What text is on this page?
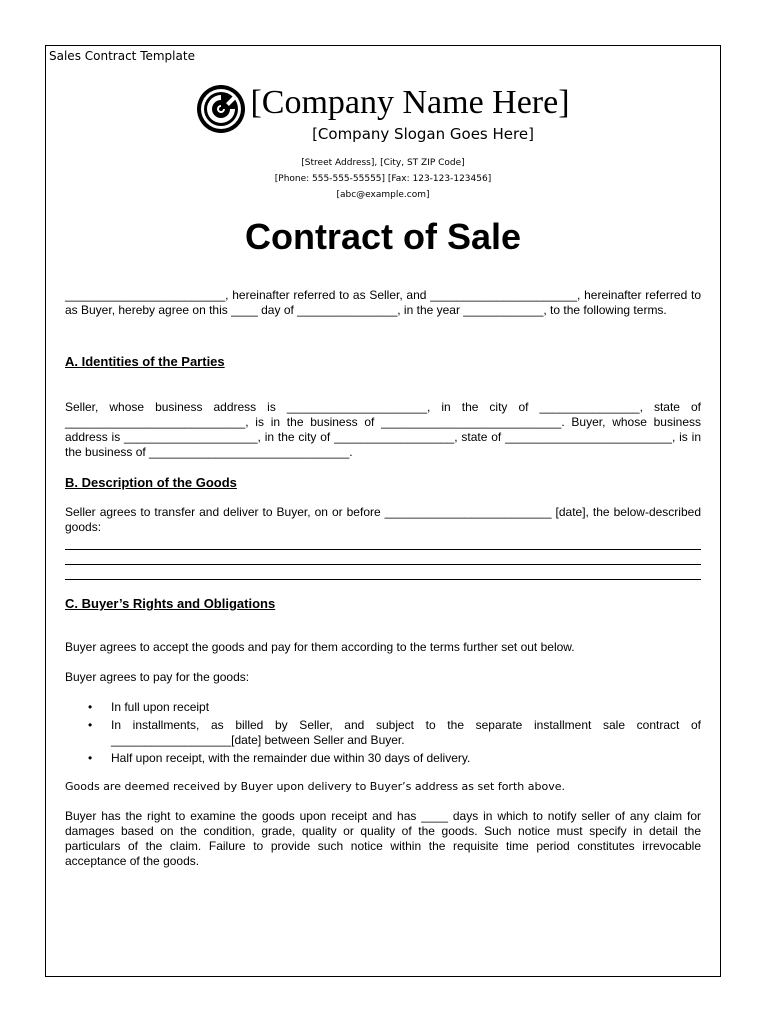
Sales Contract Template
[Company Name Here]
[Company Slogan Goes Here]
[Street Address], [City, ST ZIP Code]
[Phone: 555-555-55555] [Fax: 123-123-123456]
[abc@example.com]
Contract of Sale

________________________, hereinafter referred to as Seller, and ______________________, hereinafter referred to as Buyer, hereby agree on this ____ day of _______________, in the year ____________, to the following terms.

A. Identities of the Parties

Seller, whose business address is _____________________, in the city of _______________, state of ___________________________, is in the business of ___________________________. Buyer, whose business address is ____________________, in the city of __________________, state of _________________________, is in the business of ______________________________.

B. Description of the Goods

Seller agrees to transfer and deliver to Buyer, on or before _________________________ [date], the below-described goods:

C. Buyer’s Rights and Obligations

Buyer agrees to accept the goods and pay for them according to the terms further set out below.

Buyer agrees to pay for the goods:

• In full upon receipt
• In installments, as billed by Seller, and subject to the separate installment sale contract of __________________[date] between Seller and Buyer.
• Half upon receipt, with the remainder due within 30 days of delivery.

Goods are deemed received by Buyer upon delivery to Buyer’s address as set forth above.

Buyer has the right to examine the goods upon receipt and has ____ days in which to notify seller of any claim for damages based on the condition, grade, quality or quality of the goods. Such notice must specify in detail the particulars of the claim. Failure to provide such notice within the requisite time period constitutes irrevocable acceptance of the goods.
